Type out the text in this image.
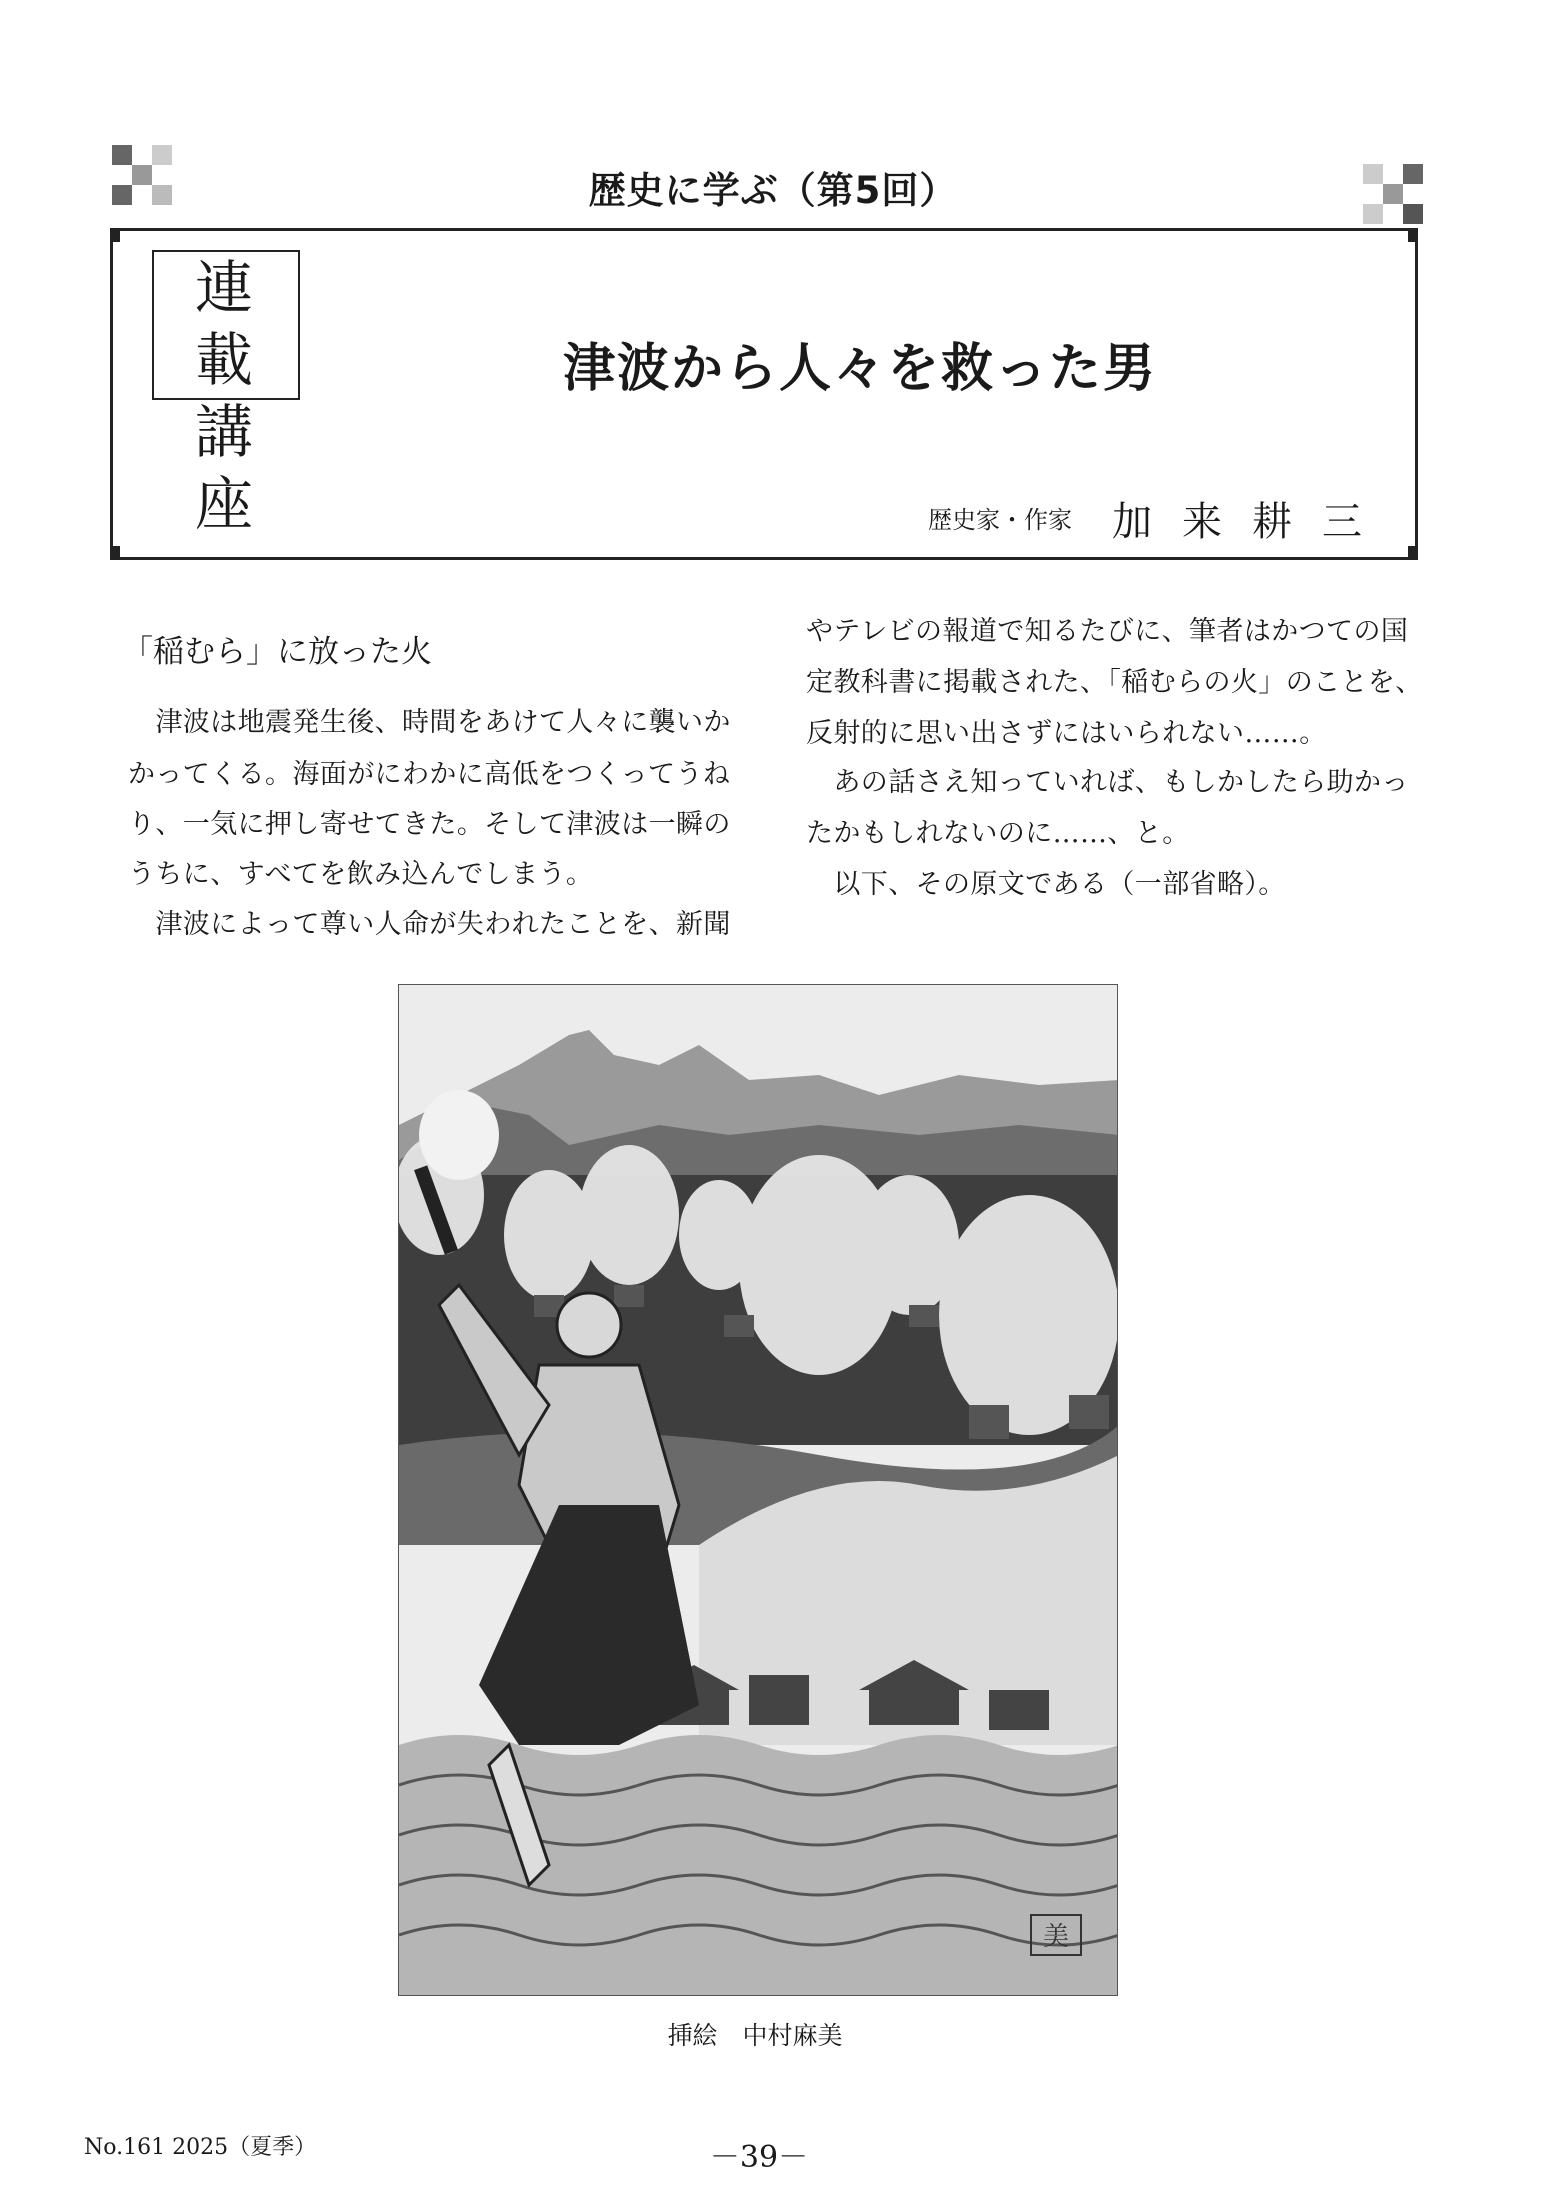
歴史に学ぶ（第5回）
連 載
講 座
津波から人々を救った男
歴史家・作家 加来耕三
「稲むら」に放った火
　津波は地震発生後、時間をあけて人々に襲いか
かってくる。海面がにわかに高低をつくってうね
り、一気に押し寄せてきた。そして津波は一瞬の
うちに、すべてを飲み込んでしまう。
　津波によって尊い人命が失われたことを、新聞
やテレビの報道で知るたびに、筆者はかつての国
定教科書に掲載された、「稲むらの火」のことを、
反射的に思い出さずにはいられない……。
　あの話さえ知っていれば、もしかしたら助かっ
たかもしれないのに……、と。
　以下、その原文である（一部省略）。
美
挿絵　中村麻美
No.161 2025（夏季）	－39－
